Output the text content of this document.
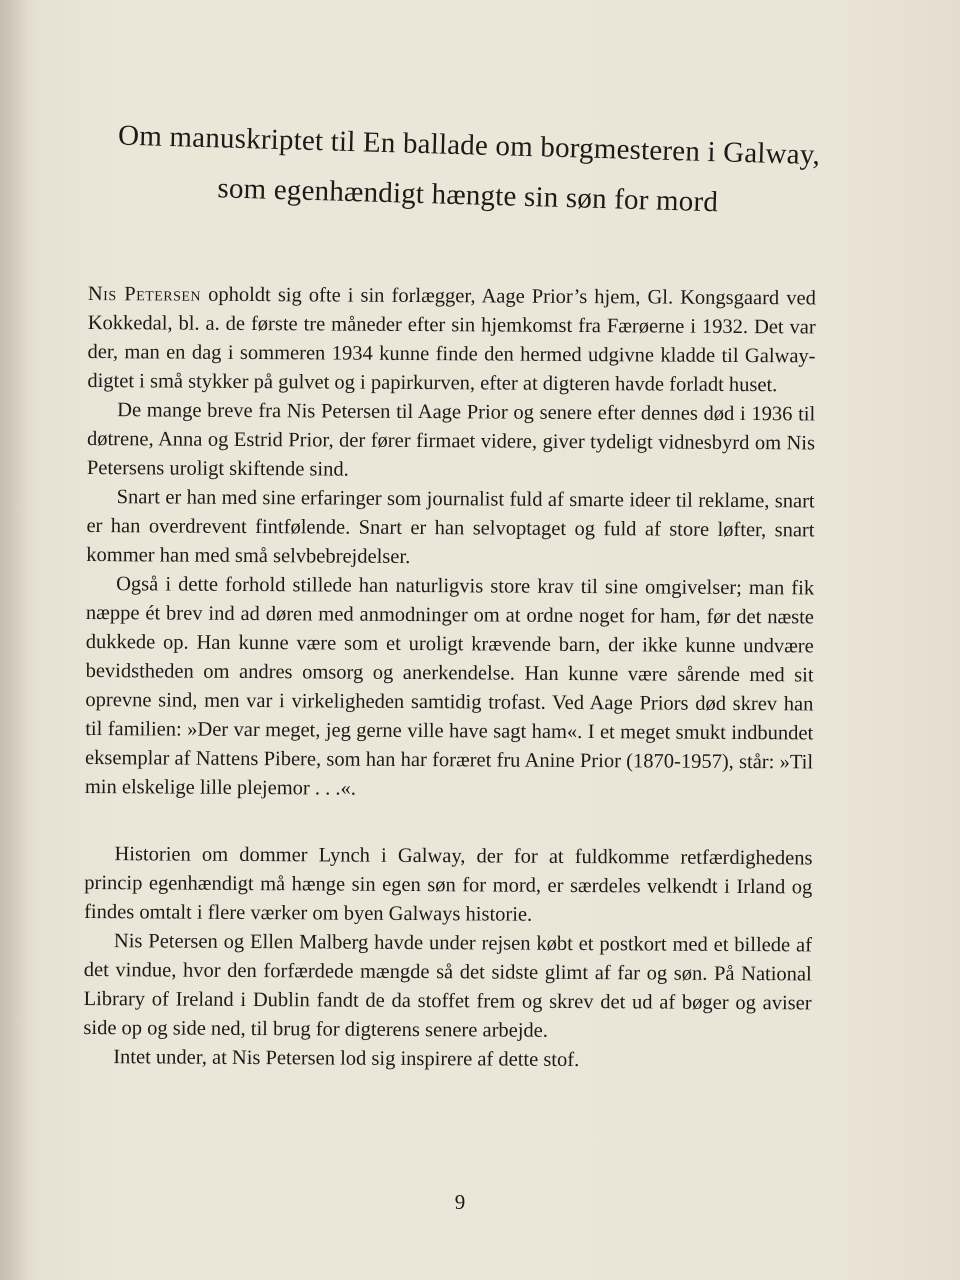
Om manuskriptet til En ballade om borgmesteren i Galway,
som egenhændigt hængte sin søn for mord

Nis Petersen opholdt sig ofte i sin forlægger, Aage Prior’s hjem, Gl. Kongsgaard ved Kokkedal, bl. a. de første tre måneder efter sin hjemkomst fra Færøerne i 1932. Det var der, man en dag i sommeren 1934 kunne finde den hermed udgivne kladde til Galway-digtet i små stykker på gulvet og i papirkurven, efter at digteren havde forladt huset.

De mange breve fra Nis Petersen til Aage Prior og senere efter dennes død i 1936 til døtrene, Anna og Estrid Prior, der fører firmaet videre, giver tydeligt vidnesbyrd om Nis Petersens uroligt skiftende sind.

Snart er han med sine erfaringer som journalist fuld af smarte ideer til reklame, snart er han overdrevent fintfølende. Snart er han selvoptaget og fuld af store løfter, snart kommer han med små selvbebrejdelser.

Også i dette forhold stillede han naturligvis store krav til sine omgivelser; man fik næppe ét brev ind ad døren med anmodninger om at ordne noget for ham, før det næste dukkede op. Han kunne være som et uroligt krævende barn, der ikke kunne undvære bevidstheden om andres omsorg og anerkendelse. Han kunne være sårende med sit oprevne sind, men var i virkeligheden samtidig trofast. Ved Aage Priors død skrev han til familien: »Der var meget, jeg gerne ville have sagt ham«. I et meget smukt indbundet eksemplar af Nattens Pibere, som han har foræret fru Anine Prior (1870-1957), står: »Til min elskelige lille plejemor . . .«.

Historien om dommer Lynch i Galway, der for at fuldkomme retfærdighedens princip egenhændigt må hænge sin egen søn for mord, er særdeles velkendt i Irland og findes omtalt i flere værker om byen Galways historie.

Nis Petersen og Ellen Malberg havde under rejsen købt et postkort med et billede af det vindue, hvor den forfærdede mængde så det sidste glimt af far og søn. På National Library of Ireland i Dublin fandt de da stoffet frem og skrev det ud af bøger og aviser side op og side ned, til brug for digterens senere arbejde.

Intet under, at Nis Petersen lod sig inspirere af dette stof.

9
